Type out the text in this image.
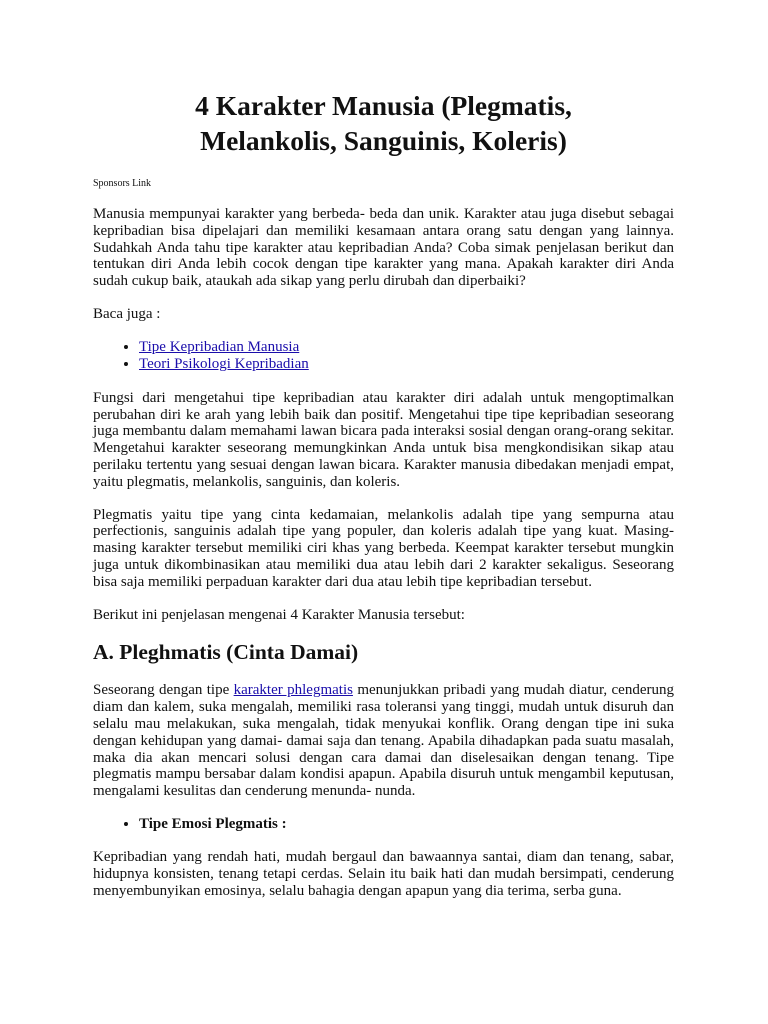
4 Karakter Manusia (Plegmatis,
Melankolis, Sanguinis, Koleris)
Sponsors Link

Manusia mempunyai karakter yang berbeda- beda dan unik. Karakter atau juga disebut sebagai kepribadian bisa dipelajari dan memiliki kesamaan antara orang satu dengan yang lainnya. Sudahkah Anda tahu tipe karakter atau kepribadian Anda? Coba simak penjelasan berikut dan tentukan diri Anda lebih cocok dengan tipe karakter yang mana. Apakah karakter diri Anda sudah cukup baik, ataukah ada sikap yang perlu dirubah dan diperbaiki?

Baca juga :

• Tipe Kepribadian Manusia
• Teori Psikologi Kepribadian

Fungsi dari mengetahui tipe kepribadian atau karakter diri adalah untuk mengoptimalkan perubahan diri ke arah yang lebih baik dan positif. Mengetahui tipe tipe kepribadian seseorang juga membantu dalam memahami lawan bicara pada interaksi sosial dengan orang-orang sekitar. Mengetahui karakter seseorang memungkinkan Anda untuk bisa mengkondisikan sikap atau perilaku tertentu yang sesuai dengan lawan bicara. Karakter manusia dibedakan menjadi empat, yaitu plegmatis, melankolis, sanguinis, dan koleris.

Plegmatis yaitu tipe yang cinta kedamaian, melankolis adalah tipe yang sempurna atau perfectionis, sanguinis adalah tipe yang populer, dan koleris adalah tipe yang kuat. Masing-masing karakter tersebut memiliki ciri khas yang berbeda. Keempat karakter tersebut mungkin juga untuk dikombinasikan atau memiliki dua atau lebih dari 2 karakter sekaligus. Seseorang bisa saja memiliki perpaduan karakter dari dua atau lebih tipe kepribadian tersebut.

Berikut ini penjelasan mengenai 4 Karakter Manusia tersebut:

A. Pleghmatis (Cinta Damai)

Seseorang dengan tipe karakter phlegmatis menunjukkan pribadi yang mudah diatur, cenderung diam dan kalem, suka mengalah, memiliki rasa toleransi yang tinggi, mudah untuk disuruh dan selalu mau melakukan, suka mengalah, tidak menyukai konflik. Orang dengan tipe ini suka dengan kehidupan yang damai- damai saja dan tenang. Apabila dihadapkan pada suatu masalah, maka dia akan mencari solusi dengan cara damai dan diselesaikan dengan tenang. Tipe plegmatis mampu bersabar dalam kondisi apapun. Apabila disuruh untuk mengambil keputusan, mengalami kesulitas dan cenderung menunda- nunda.

• Tipe Emosi Plegmatis :

Kepribadian yang rendah hati, mudah bergaul dan bawaannya santai, diam dan tenang, sabar, hidupnya konsisten, tenang tetapi cerdas. Selain itu baik hati dan mudah bersimpati, cenderung menyembunyikan emosinya, selalu bahagia dengan apapun yang dia terima, serba guna.
